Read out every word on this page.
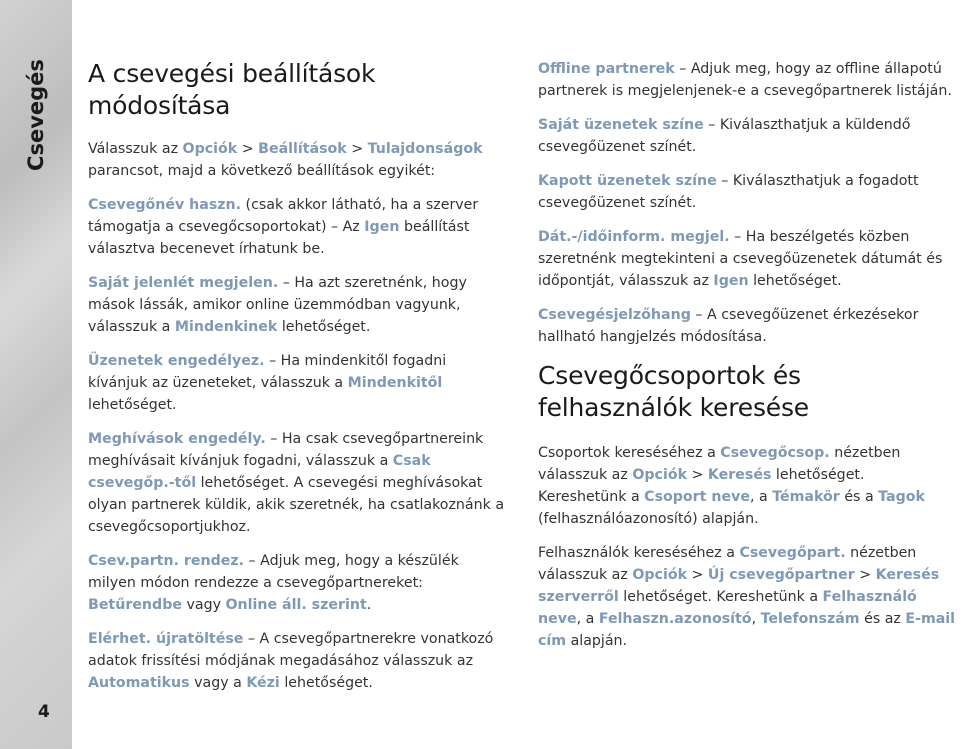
Csevegés
4
A csevegési beállítások módosítása

Válasszuk az Opciók > Beállítások > Tulajdonságok parancsot, majd a következő beállítások egyikét:

Csevegőnév haszn. (csak akkor látható, ha a szerver támogatja a csevegőcsoportokat) – Az Igen beállítást választva becenevet írhatunk be.

Saját jelenlét megjelen. – Ha azt szeretnénk, hogy mások lássák, amikor online üzemmódban vagyunk, válasszuk a Mindenkinek lehetőséget.

Üzenetek engedélyez. – Ha mindenkitől fogadni kívánjuk az üzeneteket, válasszuk a Mindenkitől lehetőséget.

Meghívások engedély. – Ha csak csevegőpartnereink meghívásait kívánjuk fogadni, válasszuk a Csak csevegőp.-től lehetőséget. A csevegési meghívásokat olyan partnerek küldik, akik szeretnék, ha csatlakoznánk a csevegőcsoportjukhoz.

Csev.partn. rendez. – Adjuk meg, hogy a készülék milyen módon rendezze a csevegőpartnereket: Betűrendbe vagy Online áll. szerint.

Elérhet. újratöltése – A csevegőpartnerekre vonatkozó adatok frissítési módjának megadásához válasszuk az Automatikus vagy a Kézi lehetőséget.

Offline partnerek – Adjuk meg, hogy az offline állapotú partnerek is megjelenjenek-e a csevegőpartnerek listáján.

Saját üzenetek színe – Kiválaszthatjuk a küldendő csevegőüzenet színét.

Kapott üzenetek színe – Kiválaszthatjuk a fogadott csevegőüzenet színét.

Dát.-/időinform. megjel. – Ha beszélgetés közben szeretnénk megtekinteni a csevegőüzenetek dátumát és időpontját, válasszuk az Igen lehetőséget.

Csevegésjelzőhang – A csevegőüzenet érkezésekor hallható hangjelzés módosítása.

Csevegőcsoportok és felhasználók keresése

Csoportok kereséséhez a Csevegőcsop. nézetben válasszuk az Opciók > Keresés lehetőséget. Kereshetünk a Csoport neve, a Témakör és a Tagok (felhasználóazonosító) alapján.

Felhasználók kereséséhez a Csevegőpart. nézetben válasszuk az Opciók > Új csevegőpartner > Keresés szerverről lehetőséget. Kereshetünk a Felhasználó neve, a Felhaszn.azonosító, Telefonszám és az E-mail cím alapján.
